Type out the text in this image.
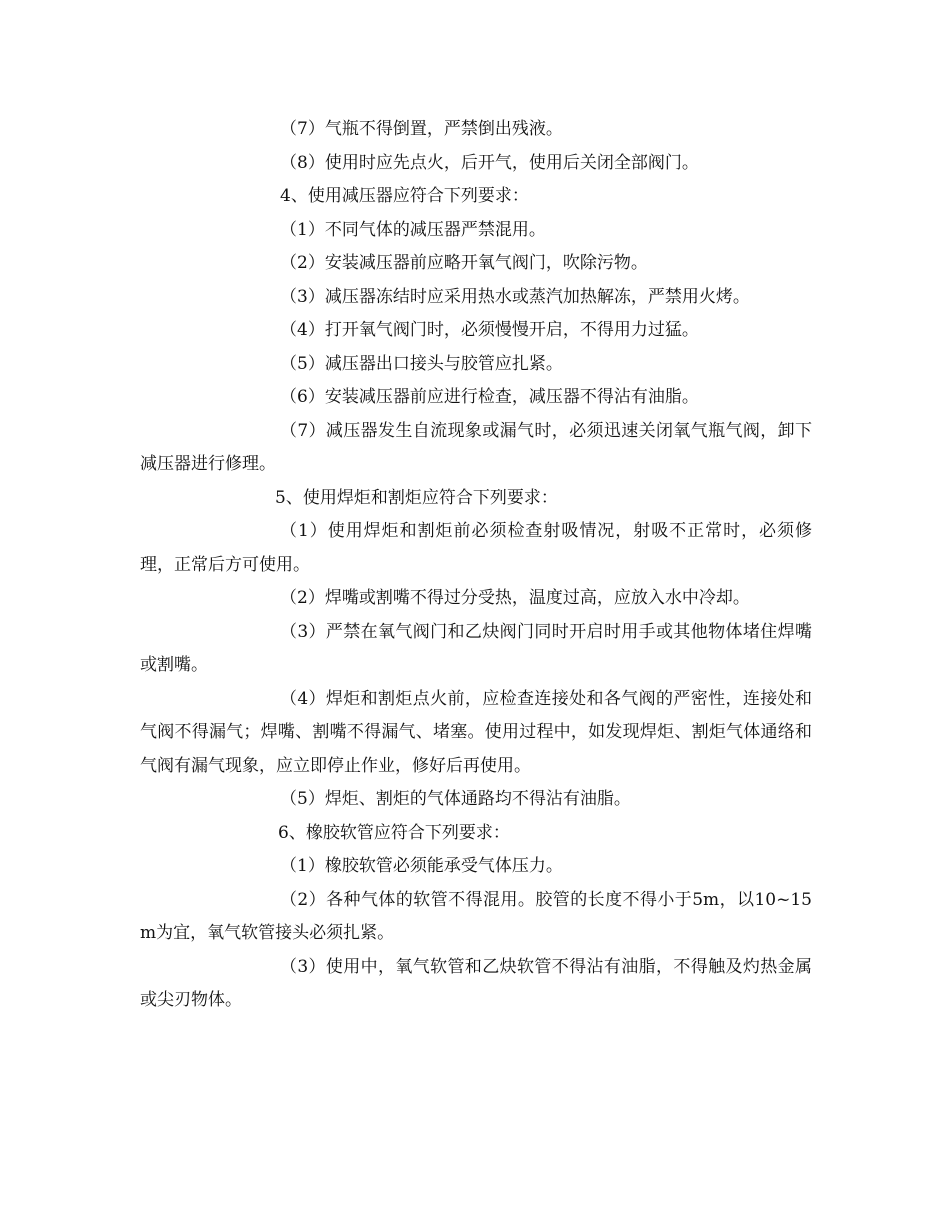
（7）气瓶不得倒置，严禁倒出残液。

（8）使用时应先点火，后开气，使用后关闭全部阀门。

4、使用减压器应符合下列要求：

（1）不同气体的减压器严禁混用。

（2）安装减压器前应略开氧气阀门，吹除污物。

（3）减压器冻结时应采用热水或蒸汽加热解冻，严禁用火烤。

（4）打开氧气阀门时，必须慢慢开启，不得用力过猛。

（5）减压器出口接头与胶管应扎紧。

（6）安装减压器前应进行检查，减压器不得沾有油脂。

（7）减压器发生自流现象或漏气时，必须迅速关闭氧气瓶气阀，卸下减压器进行修理。

5、使用焊炬和割炬应符合下列要求：

（1）使用焊炬和割炬前必须检查射吸情况，射吸不正常时，必须修理，正常后方可使用。

（2）焊嘴或割嘴不得过分受热，温度过高，应放入水中冷却。

（3）严禁在氧气阀门和乙炔阀门同时开启时用手或其他物体堵住焊嘴或割嘴。

（4）焊炬和割炬点火前，应检查连接处和各气阀的严密性，连接处和气阀不得漏气；焊嘴、割嘴不得漏气、堵塞。使用过程中，如发现焊炬、割炬气体通络和气阀有漏气现象，应立即停止作业，修好后再使用。

（5）焊炬、割炬的气体通路均不得沾有油脂。

6、橡胶软管应符合下列要求：

（1）橡胶软管必须能承受气体压力。

（2）各种气体的软管不得混用。胶管的长度不得小于5m，以10~15m为宜，氧气软管接头必须扎紧。

（3）使用中，氧气软管和乙炔软管不得沾有油脂，不得触及灼热金属或尖刃物体。
